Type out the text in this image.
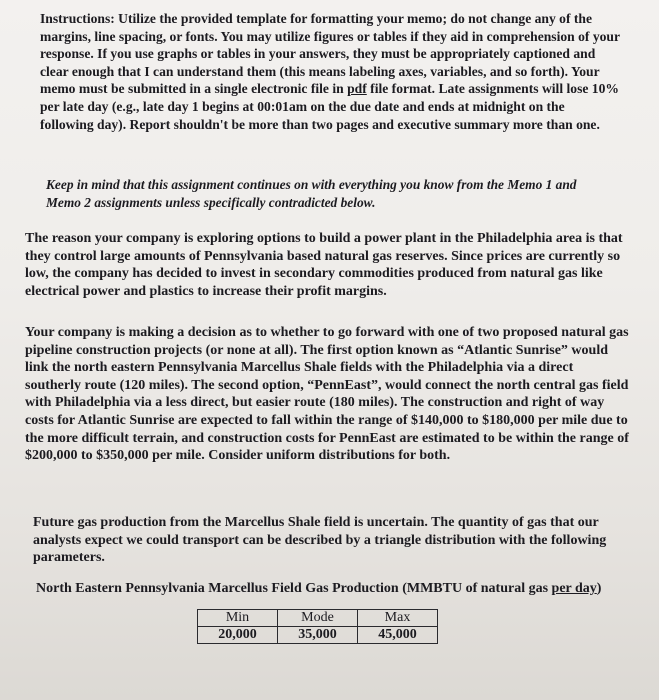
Instructions: Utilize the provided template for formatting your memo; do not change any of the margins, line spacing, or fonts. You may utilize figures or tables if they aid in comprehension of your response. If you use graphs or tables in your answers, they must be appropriately captioned and clear enough that I can understand them (this means labeling axes, variables, and so forth). Your memo must be submitted in a single electronic file in pdf file format. Late assignments will lose 10% per late day (e.g., late day 1 begins at 00:01am on the due date and ends at midnight on the following day). Report shouldn't be more than two pages and executive summary more than one.
Keep in mind that this assignment continues on with everything you know from the Memo 1 and Memo 2 assignments unless specifically contradicted below.
The reason your company is exploring options to build a power plant in the Philadelphia area is that they control large amounts of Pennsylvania based natural gas reserves. Since prices are currently so low, the company has decided to invest in secondary commodities produced from natural gas like electrical power and plastics to increase their profit margins.
Your company is making a decision as to whether to go forward with one of two proposed natural gas pipeline construction projects (or none at all). The first option known as “Atlantic Sunrise” would link the north eastern Pennsylvania Marcellus Shale fields with the Philadelphia via a direct southerly route (120 miles). The second option, “PennEast”, would connect the north central gas field with Philadelphia via a less direct, but easier route (180 miles). The construction and right of way costs for Atlantic Sunrise are expected to fall within the range of $140,000 to $180,000 per mile due to the more difficult terrain, and construction costs for PennEast are estimated to be within the range of $200,000 to $350,000 per mile. Consider uniform distributions for both.
Future gas production from the Marcellus Shale field is uncertain. The quantity of gas that our analysts expect we could transport can be described by a triangle distribution with the following parameters.
North Eastern Pennsylvania Marcellus Field Gas Production (MMBTU of natural gas per day)
Min	Mode	Max
20,000	35,000	45,000
